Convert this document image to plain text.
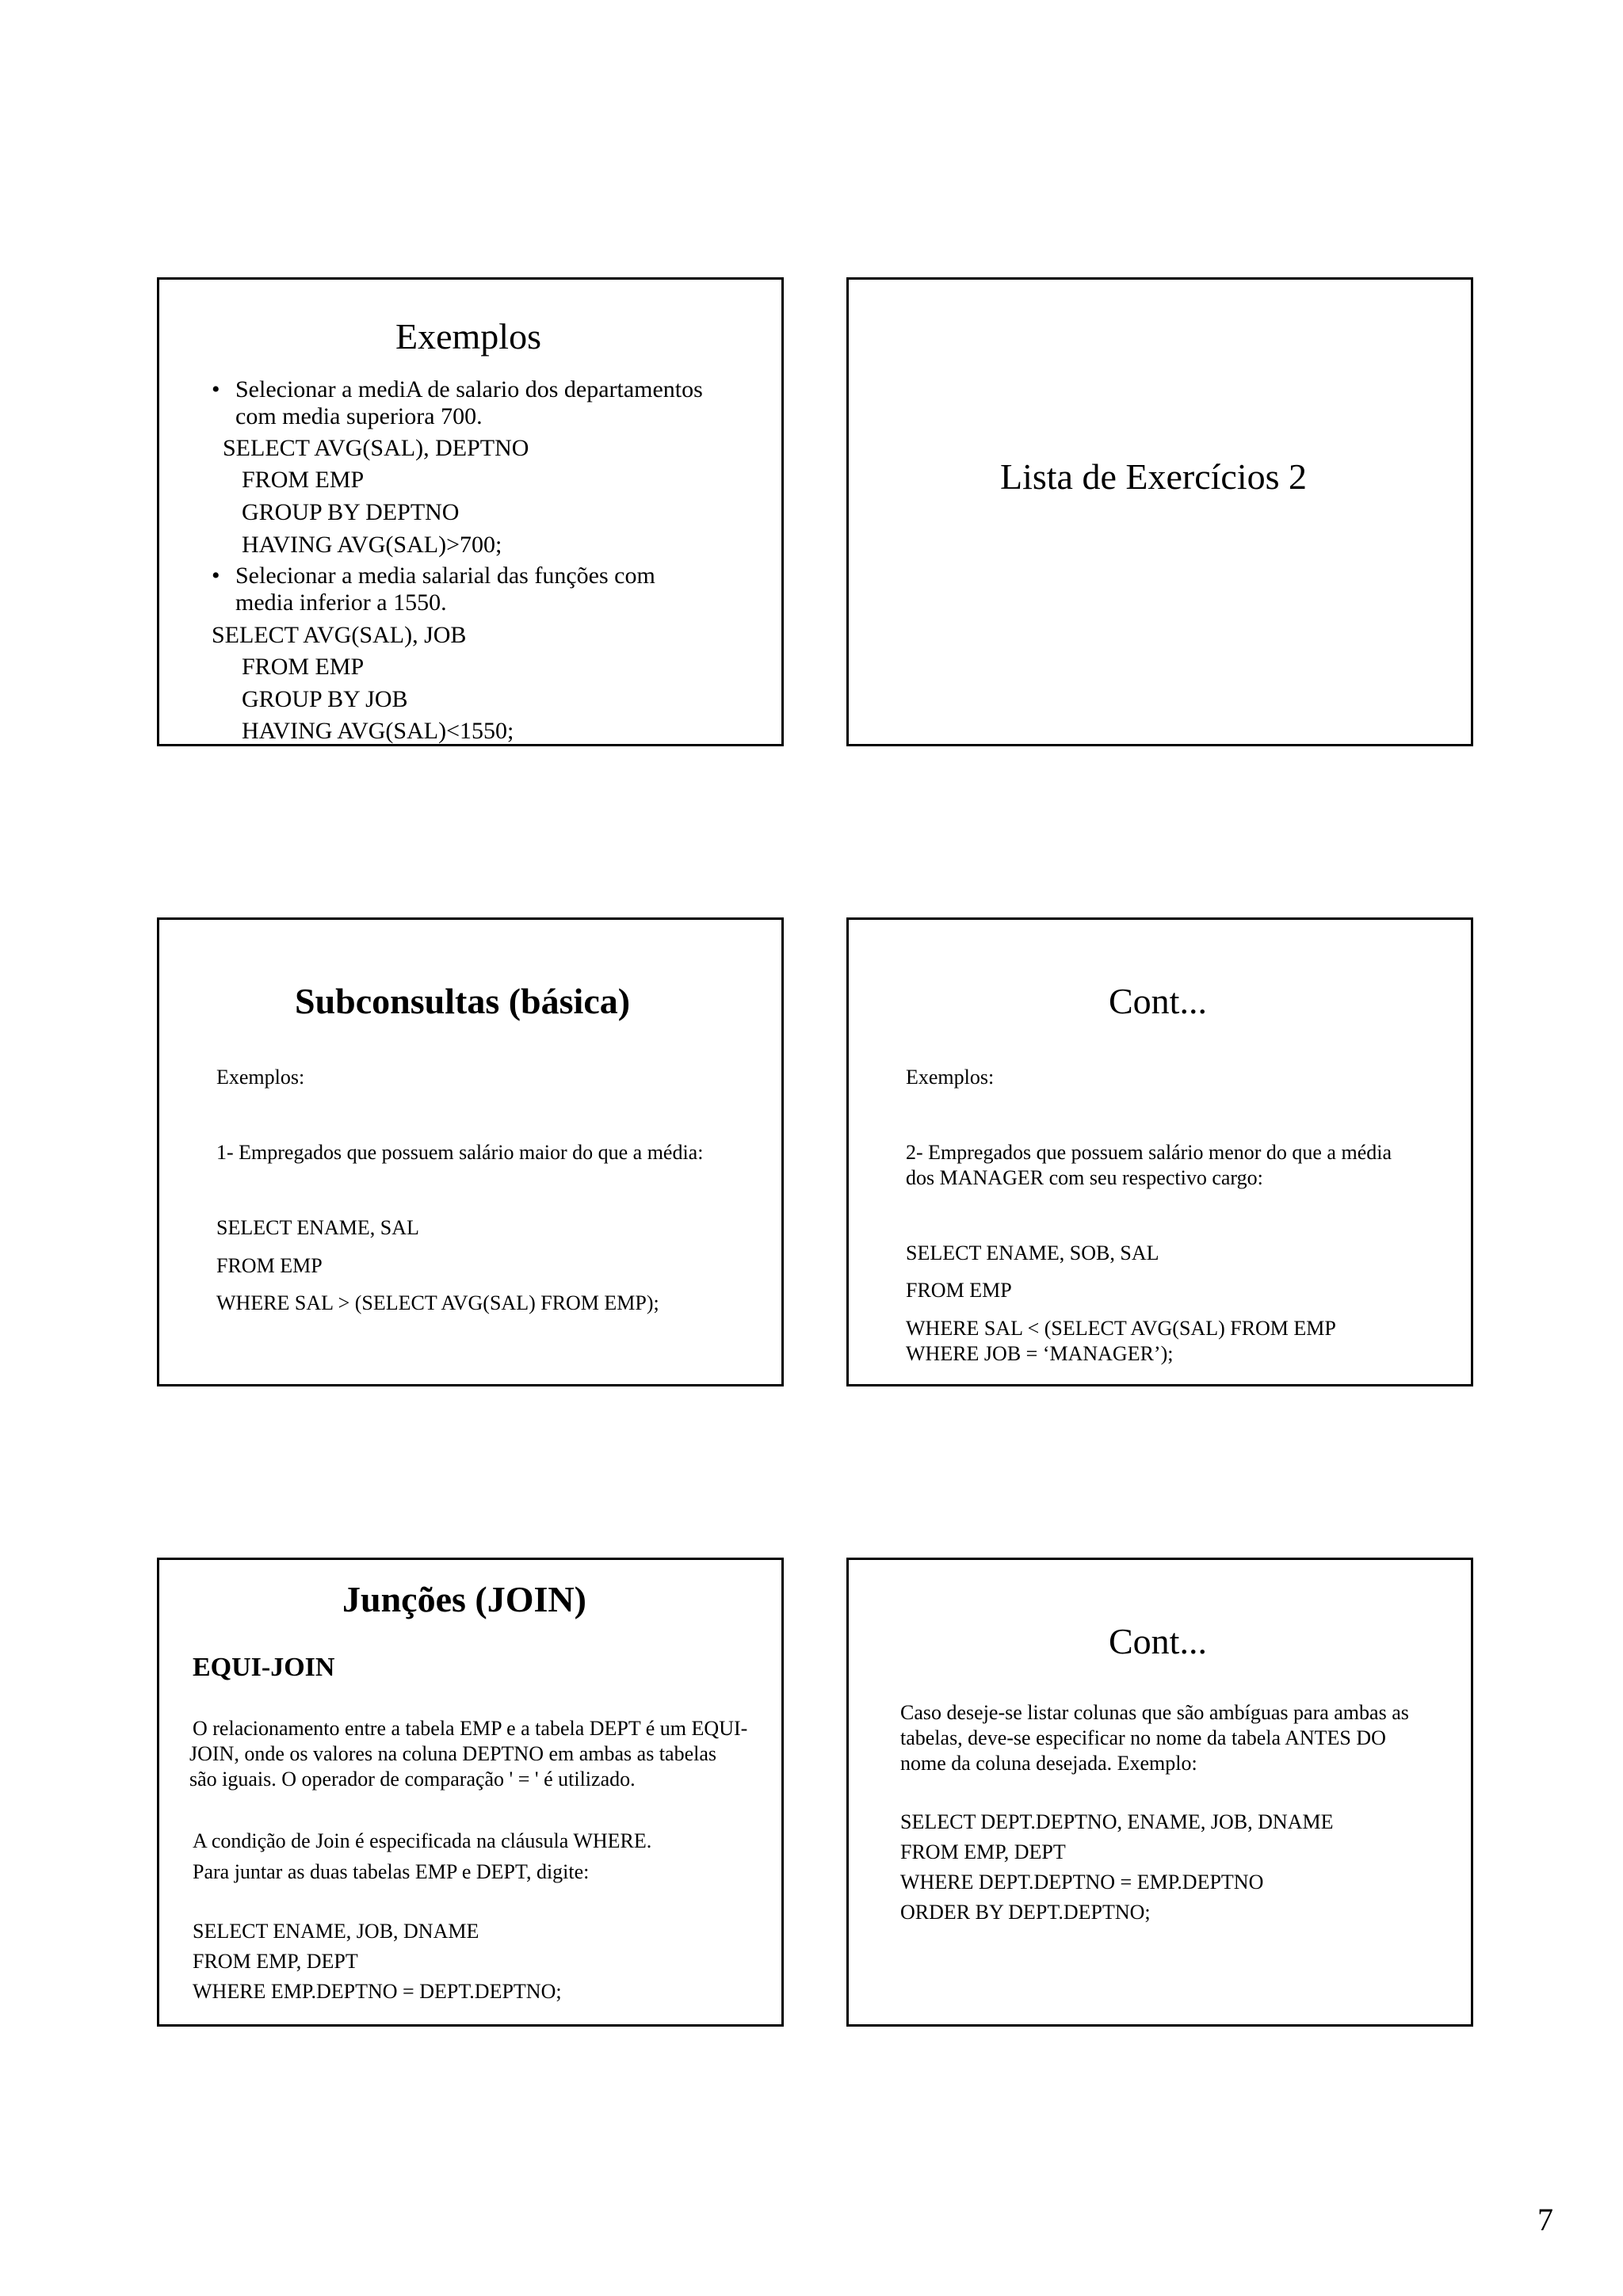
Exemplos
• Selecionar a mediA de salario dos departamentos
com media superiora 700.
SELECT AVG(SAL), DEPTNO
FROM EMP
GROUP BY DEPTNO
HAVING AVG(SAL)>700;
• Selecionar a media salarial das funções com
media inferior a 1550.
SELECT AVG(SAL), JOB
FROM EMP
GROUP BY JOB
HAVING AVG(SAL)<1550;
Lista de Exercícios 2
Subconsultas (básica)
Exemplos:
1- Empregados que possuem salário maior do que a média:
SELECT ENAME, SAL
FROM EMP
WHERE SAL > (SELECT AVG(SAL) FROM EMP);
Cont...
Exemplos:
2- Empregados que possuem salário menor do que a média
dos MANAGER com seu respectivo cargo:
SELECT ENAME, SOB, SAL
FROM EMP
WHERE SAL < (SELECT AVG(SAL) FROM EMP
WHERE JOB = ‘MANAGER’);
Junções (JOIN)
EQUI-JOIN
O relacionamento entre a tabela EMP e a tabela DEPT é um EQUI-
JOIN, onde os valores na coluna DEPTNO em ambas as tabelas
são iguais. O operador de comparação ' = ' é utilizado.
A condição de Join é especificada na cláusula WHERE.
Para juntar as duas tabelas EMP e DEPT, digite:
SELECT ENAME, JOB, DNAME
FROM EMP, DEPT
WHERE EMP.DEPTNO = DEPT.DEPTNO;
Cont...
Caso deseje-se listar colunas que são ambíguas para ambas as
tabelas, deve-se especificar no nome da tabela ANTES DO
nome da coluna desejada. Exemplo:
SELECT DEPT.DEPTNO, ENAME, JOB, DNAME
FROM EMP, DEPT
WHERE DEPT.DEPTNO = EMP.DEPTNO
ORDER BY DEPT.DEPTNO;
7
